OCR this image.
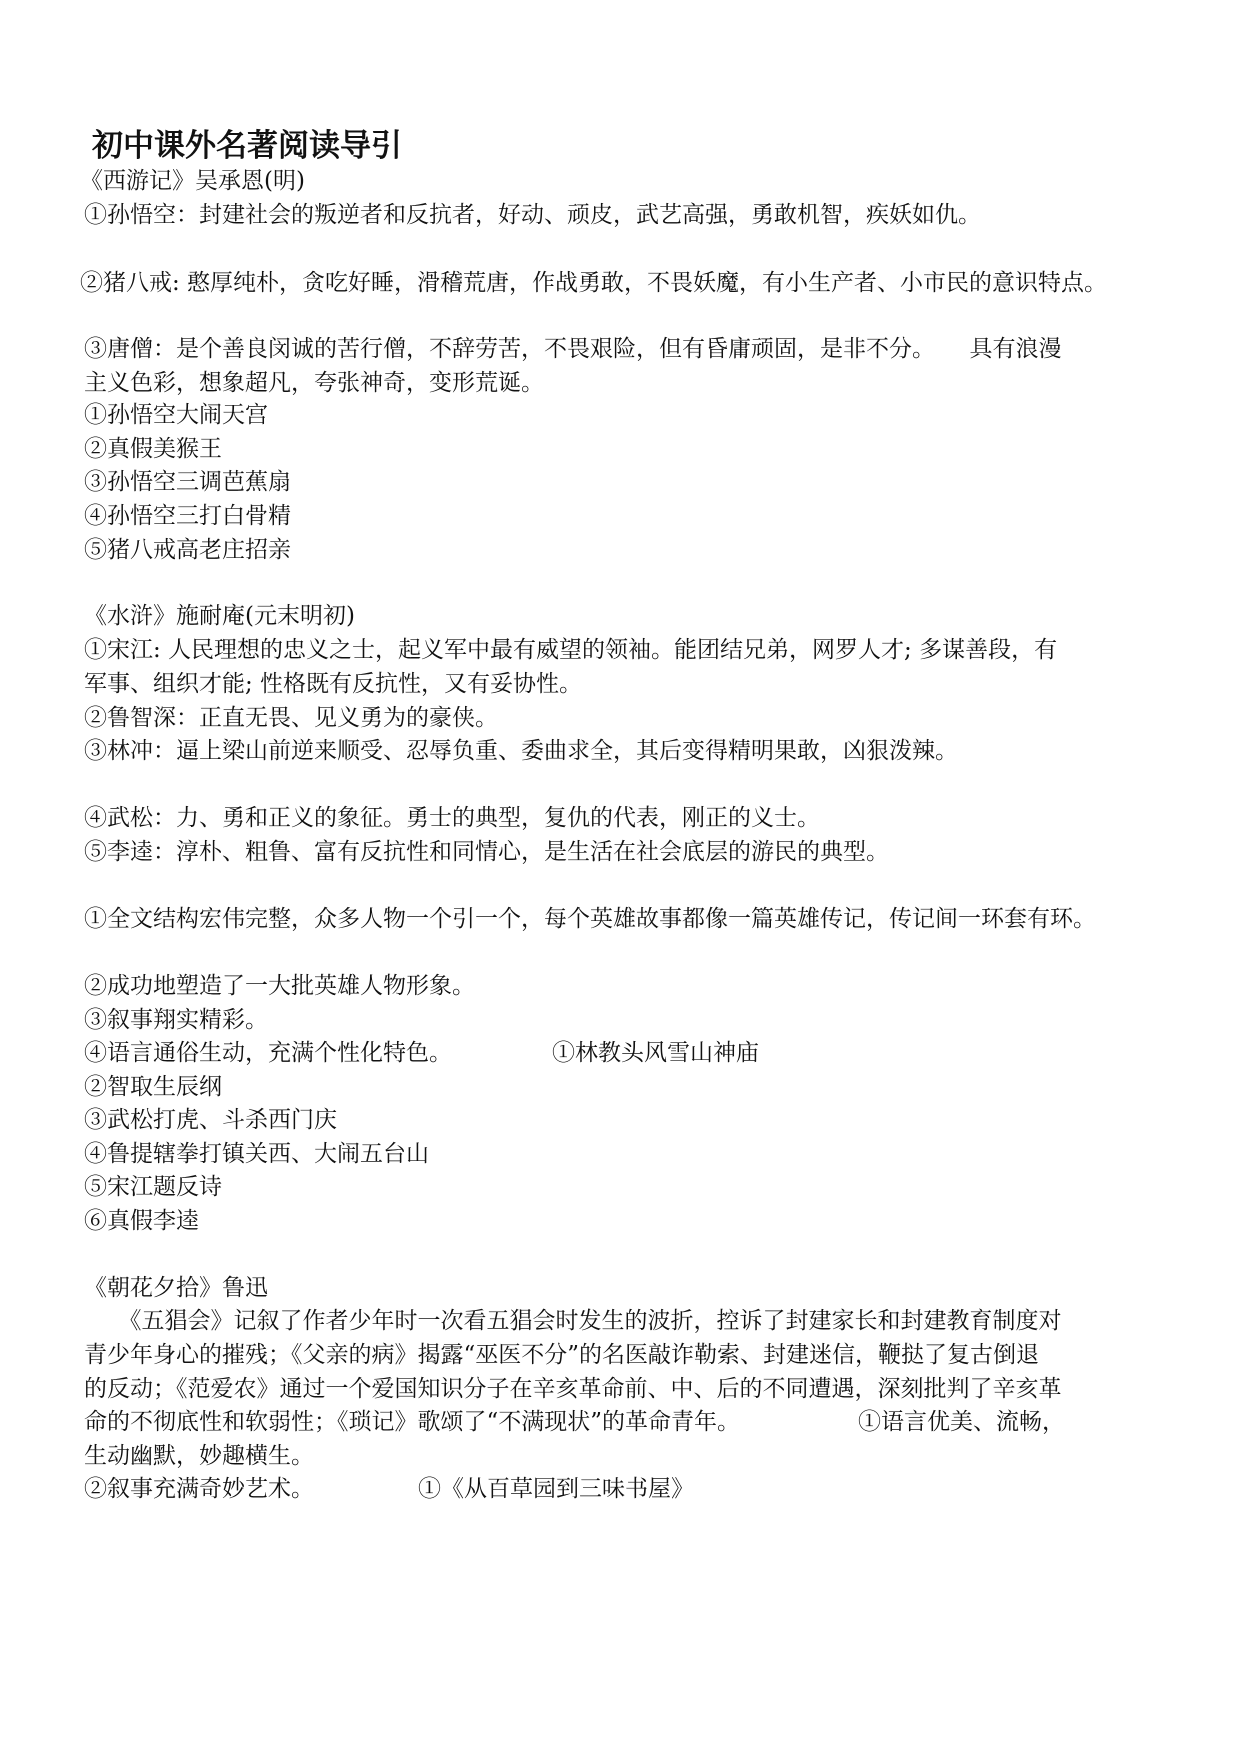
初中课外名著阅读导引
《西游记》吴承恩(明)
①孙悟空：封建社会的叛逆者和反抗者，好动、顽皮，武艺高强，勇敢机智，疾妖如仇。
②猪八戒: 憨厚纯朴，贪吃好睡，滑稽荒唐，作战勇敢，不畏妖魔，有小生产者、小市民的意识特点。
③唐僧：是个善良闵诚的苦行僧，不辞劳苦，不畏艰险，但有昏庸顽固，是非不分。　　具有浪漫
主义色彩，想象超凡，夸张神奇，变形荒诞。
①孙悟空大闹天宫
②真假美猴王
③孙悟空三调芭蕉扇
④孙悟空三打白骨精
⑤猪八戒高老庄招亲
《水浒》施耐庵(元末明初)
①宋江: 人民理想的忠义之士，起义军中最有威望的领袖。能团结兄弟，网罗人才; 多谋善段，有
军事、组织才能; 性格既有反抗性，又有妥协性。
②鲁智深：正直无畏、见义勇为的豪侠。
③林冲：逼上梁山前逆来顺受、忍辱负重、委曲求全，其后变得精明果敢，凶狠泼辣。
④武松：力、勇和正义的象征。勇士的典型，复仇的代表，刚正的义士。
⑤李逵：淳朴、粗鲁、富有反抗性和同情心，是生活在社会底层的游民的典型。
①全文结构宏伟完整，众多人物一个引一个，每个英雄故事都像一篇英雄传记，传记间一环套有环。
②成功地塑造了一大批英雄人物形象。
③叙事翔实精彩。
④语言通俗生动，充满个性化特色。	①林教头风雪山神庙
②智取生辰纲
③武松打虎、斗杀西门庆
④鲁提辖拳打镇关西、大闹五台山
⑤宋江题反诗
⑥真假李逵
《朝花夕拾》鲁迅
　　《五猖会》记叙了作者少年时一次看五猖会时发生的波折，控诉了封建家长和封建教育制度对
青少年身心的摧残；《父亲的病》揭露“巫医不分”的名医敲诈勒索、封建迷信，鞭挞了复古倒退
的反动；《范爱农》通过一个爱国知识分子在辛亥革命前、中、后的不同遭遇，深刻批判了辛亥革
命的不彻底性和软弱性；《琐记》歌颂了“不满现状”的革命青年。	①语言优美、流畅，
生动幽默，妙趣横生。
②叙事充满奇妙艺术。	①《从百草园到三味书屋》
